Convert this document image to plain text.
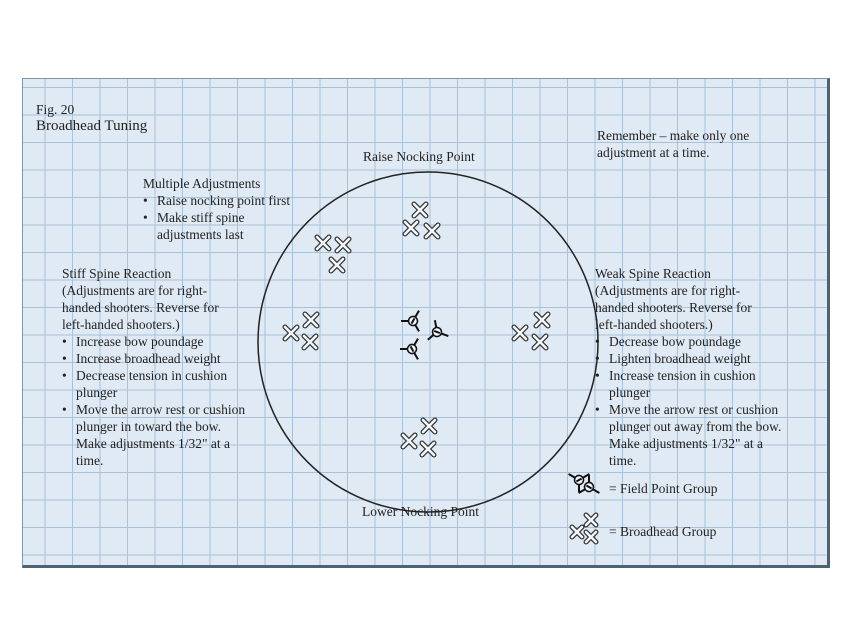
Fig. 20
Broadhead Tuning
Remember – make only one
adjustment at a time.
Raise Nocking Point
Lower Nocking Point
Multiple Adjustments
• Raise nocking point first
• Make stiff spine
adjustments last
Stiff Spine Reaction
(Adjustments are for right-
handed shooters. Reverse for
left-handed shooters.)
• Increase bow poundage
• Increase broadhead weight
• Decrease tension in cushion
plunger
• Move the arrow rest or cushion
plunger in toward the bow.
Make adjustments 1/32" at a
time.
Weak Spine Reaction
(Adjustments are for right-
handed shooters. Reverse for
left-handed shooters.)
• Decrease bow poundage
• Lighten broadhead weight
• Increase tension in cushion
plunger
• Move the arrow rest or cushion
plunger out away from the bow.
Make adjustments 1/32" at a
time.
= Field Point Group
= Broadhead Group
